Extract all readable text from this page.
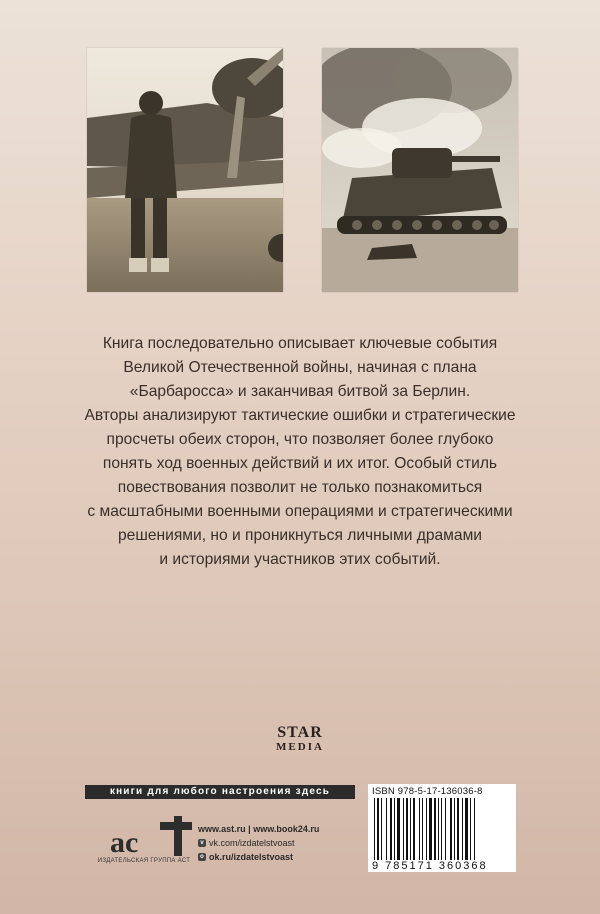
Книга последовательно описывает ключевые события
Великой Отечественной войны, начиная с плана
«Барбаросса» и заканчивая битвой за Берлин.
Авторы анализируют тактические ошибки и стратегические
просчеты обеих сторон, что позволяет более глубоко
понять ход военных действий и их итог. Особый стиль
повествования позволит не только познакомиться
с масштабными военными операциями и стратегическими
решениями, но и проникнуться личными драмами
и историями участников этих событий.
STAR
MEDIA
книги для любого настроения здесь
ас
ИЗДАТЕЛЬСКАЯ ГРУППА АСТ
www.ast.ru | www.book24.ru
v vk.com/izdatelstvoast
o ok.ru/izdatelstvoast
ISBN 978-5-17-136036-8
9 785171 360368
